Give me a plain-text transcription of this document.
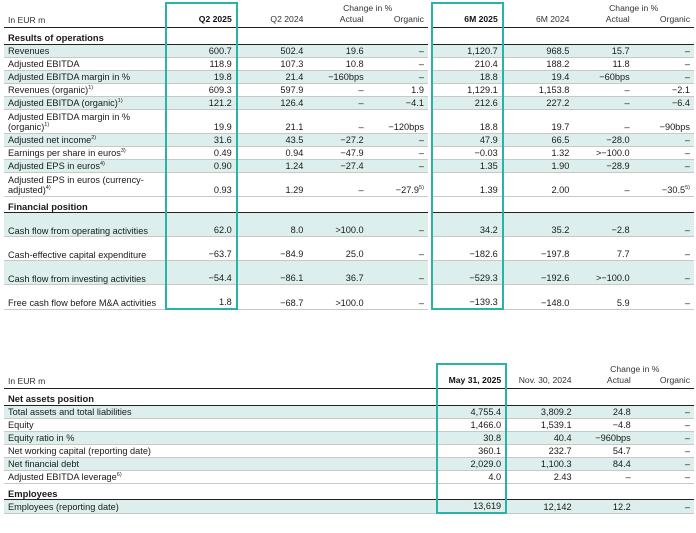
			Change in %					Change in %	
In EUR m	Q2 2025	Q2 2024	Actual	Organic		6M 2025	6M 2024	Actual	Organic
Results of operations									
Revenues	600.7	502.4	19.6	–		1,120.7	968.5	15.7	–
Adjusted EBITDA	118.9	107.3	10.8	–		210.4	188.2	11.8	–
Adjusted EBITDA margin in %	19.8	21.4	−160bps	–		18.8	19.4	−60bps	–
Revenues (organic)$^{1)}$	609.3	597.9	–	1.9		1,129.1	1,153.8	–	−2.1
Adjusted EBITDA (organic)$^{1)}$	121.2	126.4	–	−4.1		212.6	227.2	–	−6.4
Adjusted EBITDA margin in % (organic)$^{1)}$	19.9	21.1	–	−120bps		18.8	19.7	–	−90bps
Adjusted net income$^{2)}$	31.6	43.5	−27.2	–		47.9	66.5	−28.0	–
Earnings per share in euros$^{3)}$	0.49	0.94	−47.9	–		−0.03	1.32	>−100.0	–
Adjusted EPS in euros$^{4)}$	0.90	1.24	−27.4	–		1.35	1.90	−28.9	–
Adjusted EPS in euros (currency-adjusted)$^{4)}$	0.93	1.29	–	$-27.9^{5)}$		1.39	2.00	–	$-30.5^{5)}$
Financial position									
Cash flow from operating activities	62.0	8.0	>100.0	–		34.2	35.2	−2.8	–
Cash-effective capital expenditure	−63.7	−84.9	25.0	–		−182.6	−197.8	7.7	–
Cash flow from investing activities	−54.4	−86.1	36.7	–		−529.3	−192.6	>−100.0	–
Free cash flow before M&A activities	1.8	−68.7	>100.0	–		−139.3	−148.0	5.9	–
			Change in %	
In EUR m	May 31, 2025	Nov. 30, 2024	Actual	Organic
Net assets position				
Total assets and total liabilities	4,755.4	3,809.2	24.8	–
Equity	1,466.0	1,539.1	−4.8	–
Equity ratio in %	30.8	40.4	−960bps	–
Net working capital (reporting date)	360.1	232.7	54.7	–
Net financial debt	2,029.0	1,100.3	84.4	–
Adjusted EBITDA leverage$^{6)}$	4.0	2.43	–	–
Employees				
Employees (reporting date)	13,619	12,142	12.2	–
